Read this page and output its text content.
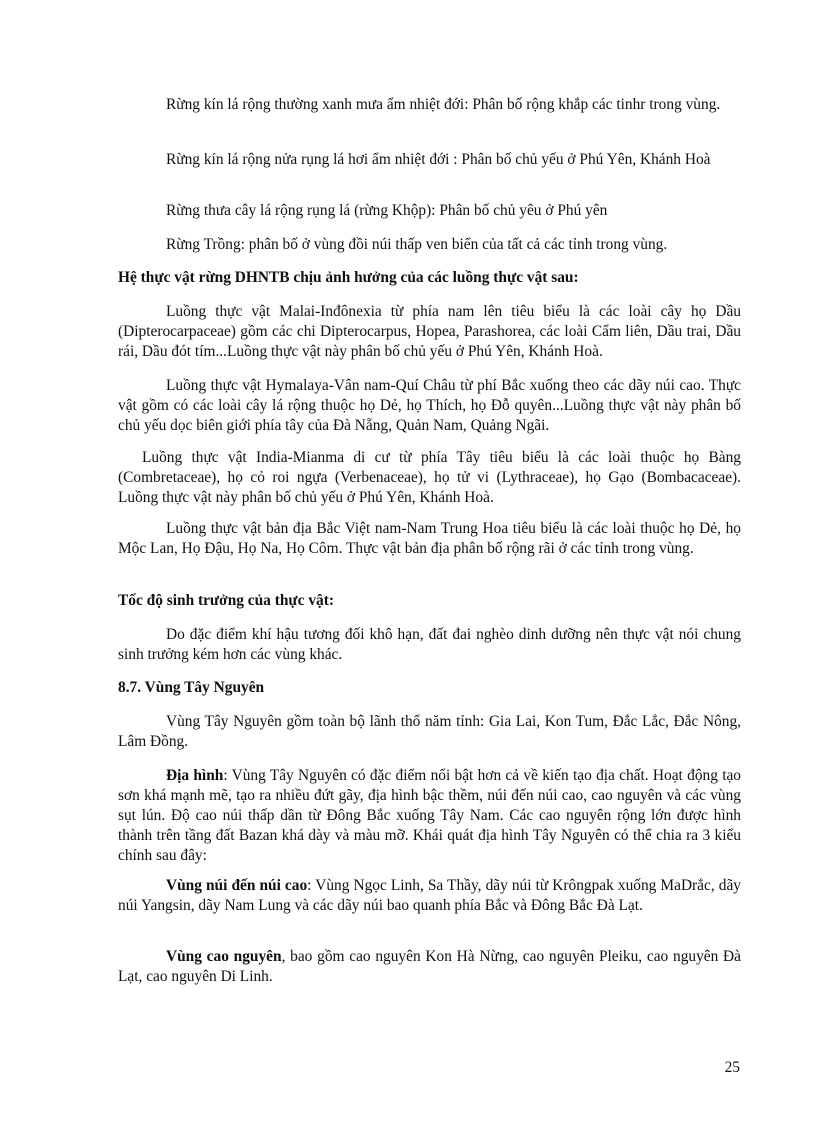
Rừng kín lá rộng thường xanh mưa ẩm nhiệt đới: Phân bố rộng khắp các tinhr trong vùng.

Rừng kín lá rộng nửa rụng lá hơi ẩm nhiệt đới : Phân bố chủ yếu ở Phú Yên, Khánh Hoà

Rừng thưa cây lá rộng rụng lá (rừng Khộp): Phân bố chủ yêu ở Phú yên

Rừng Trồng: phân bố ở vùng đồi núi thấp ven biển của tất cả các tỉnh trong vùng.

Hệ thực vật rừng DHNTB chịu ảnh hưởng của các luồng thực vật sau:

Luồng thực vật Malai-Inđônexia từ phía nam lên tiêu biểu là các loài cây họ Dầu (Dipterocarpaceae) gồm các chi Dipterocarpus, Hopea, Parashorea, các loài Cẩm liên, Dầu trai, Dầu rái, Dầu đót tím...Luồng thực vật này phân bố chủ yếu ở Phú Yên, Khánh Hoà.

Luồng thực vật Hymalaya-Vân nam-Quí Châu từ phí Bắc xuống theo các dãy núi cao. Thực vật gồm có các loài cây lá rộng thuộc họ Dẻ, họ Thích, họ Đỗ quyên...Luồng thực vật này phân bố chủ yếu dọc biên giới phía tây của Đà Nẵng, Quản Nam, Quảng Ngãi.

Luồng thực vật India-Mianma di cư từ phía Tây tiêu biểu là các loài thuộc họ Bàng (Combretaceae), họ cỏ roi ngựa (Verbenaceae), họ tử vi (Lythraceae), họ Gạo (Bombacaceae). Luồng thực vật này phân bố chủ yếu ở Phú Yên, Khánh Hoà.

Luồng thực vật bản địa Bắc Việt nam-Nam Trung Hoa tiêu biểu là các loài thuộc họ Dẻ, họ Mộc Lan, Họ Đậu, Họ Na, Họ Côm. Thực vật bản địa phân bố rộng rãi ở các tỉnh trong vùng.

Tốc độ sinh trưởng của thực vật:

Do đặc điểm khí hậu tương đối khô hạn, đất đai nghèo dinh dưỡng nên thực vật nói chung sinh trưởng kém hơn các vùng khác.

8.7. Vùng Tây Nguyên

Vùng Tây Nguyên gồm toàn bộ lãnh thổ năm tỉnh: Gia Lai, Kon Tum, Đắc Lắc, Đắc Nông, Lâm Đồng.

Địa hình: Vùng Tây Nguyên có đặc điểm nổi bật hơn cả về kiến tạo địa chất. Hoạt động tạo sơn khá mạnh mẽ, tạo ra nhiều đứt gãy, địa hình bậc thềm, núi đến núi cao, cao nguyên và các vùng sụt lún. Độ cao núi thấp dần từ Đông Bắc xuống Tây Nam. Các cao nguyên rộng lớn được hình thành trên tầng đất Bazan khá dày và màu mỡ. Khái quát địa hình Tây Nguyên có thể chia ra 3 kiểu chính sau đây:

Vùng núi đến núi cao: Vùng Ngọc Linh, Sa Thầy, dãy núi từ Krôngpak xuống MaDrắc, dãy núi Yangsin, dãy Nam Lung và các dãy núi bao quanh phía Bắc và Đông Bắc Đà Lạt.

Vùng cao nguyên, bao gồm cao nguyên Kon Hà Nừng, cao nguyên Pleiku, cao nguyên Đà Lạt, cao nguyên Di Linh.

25
